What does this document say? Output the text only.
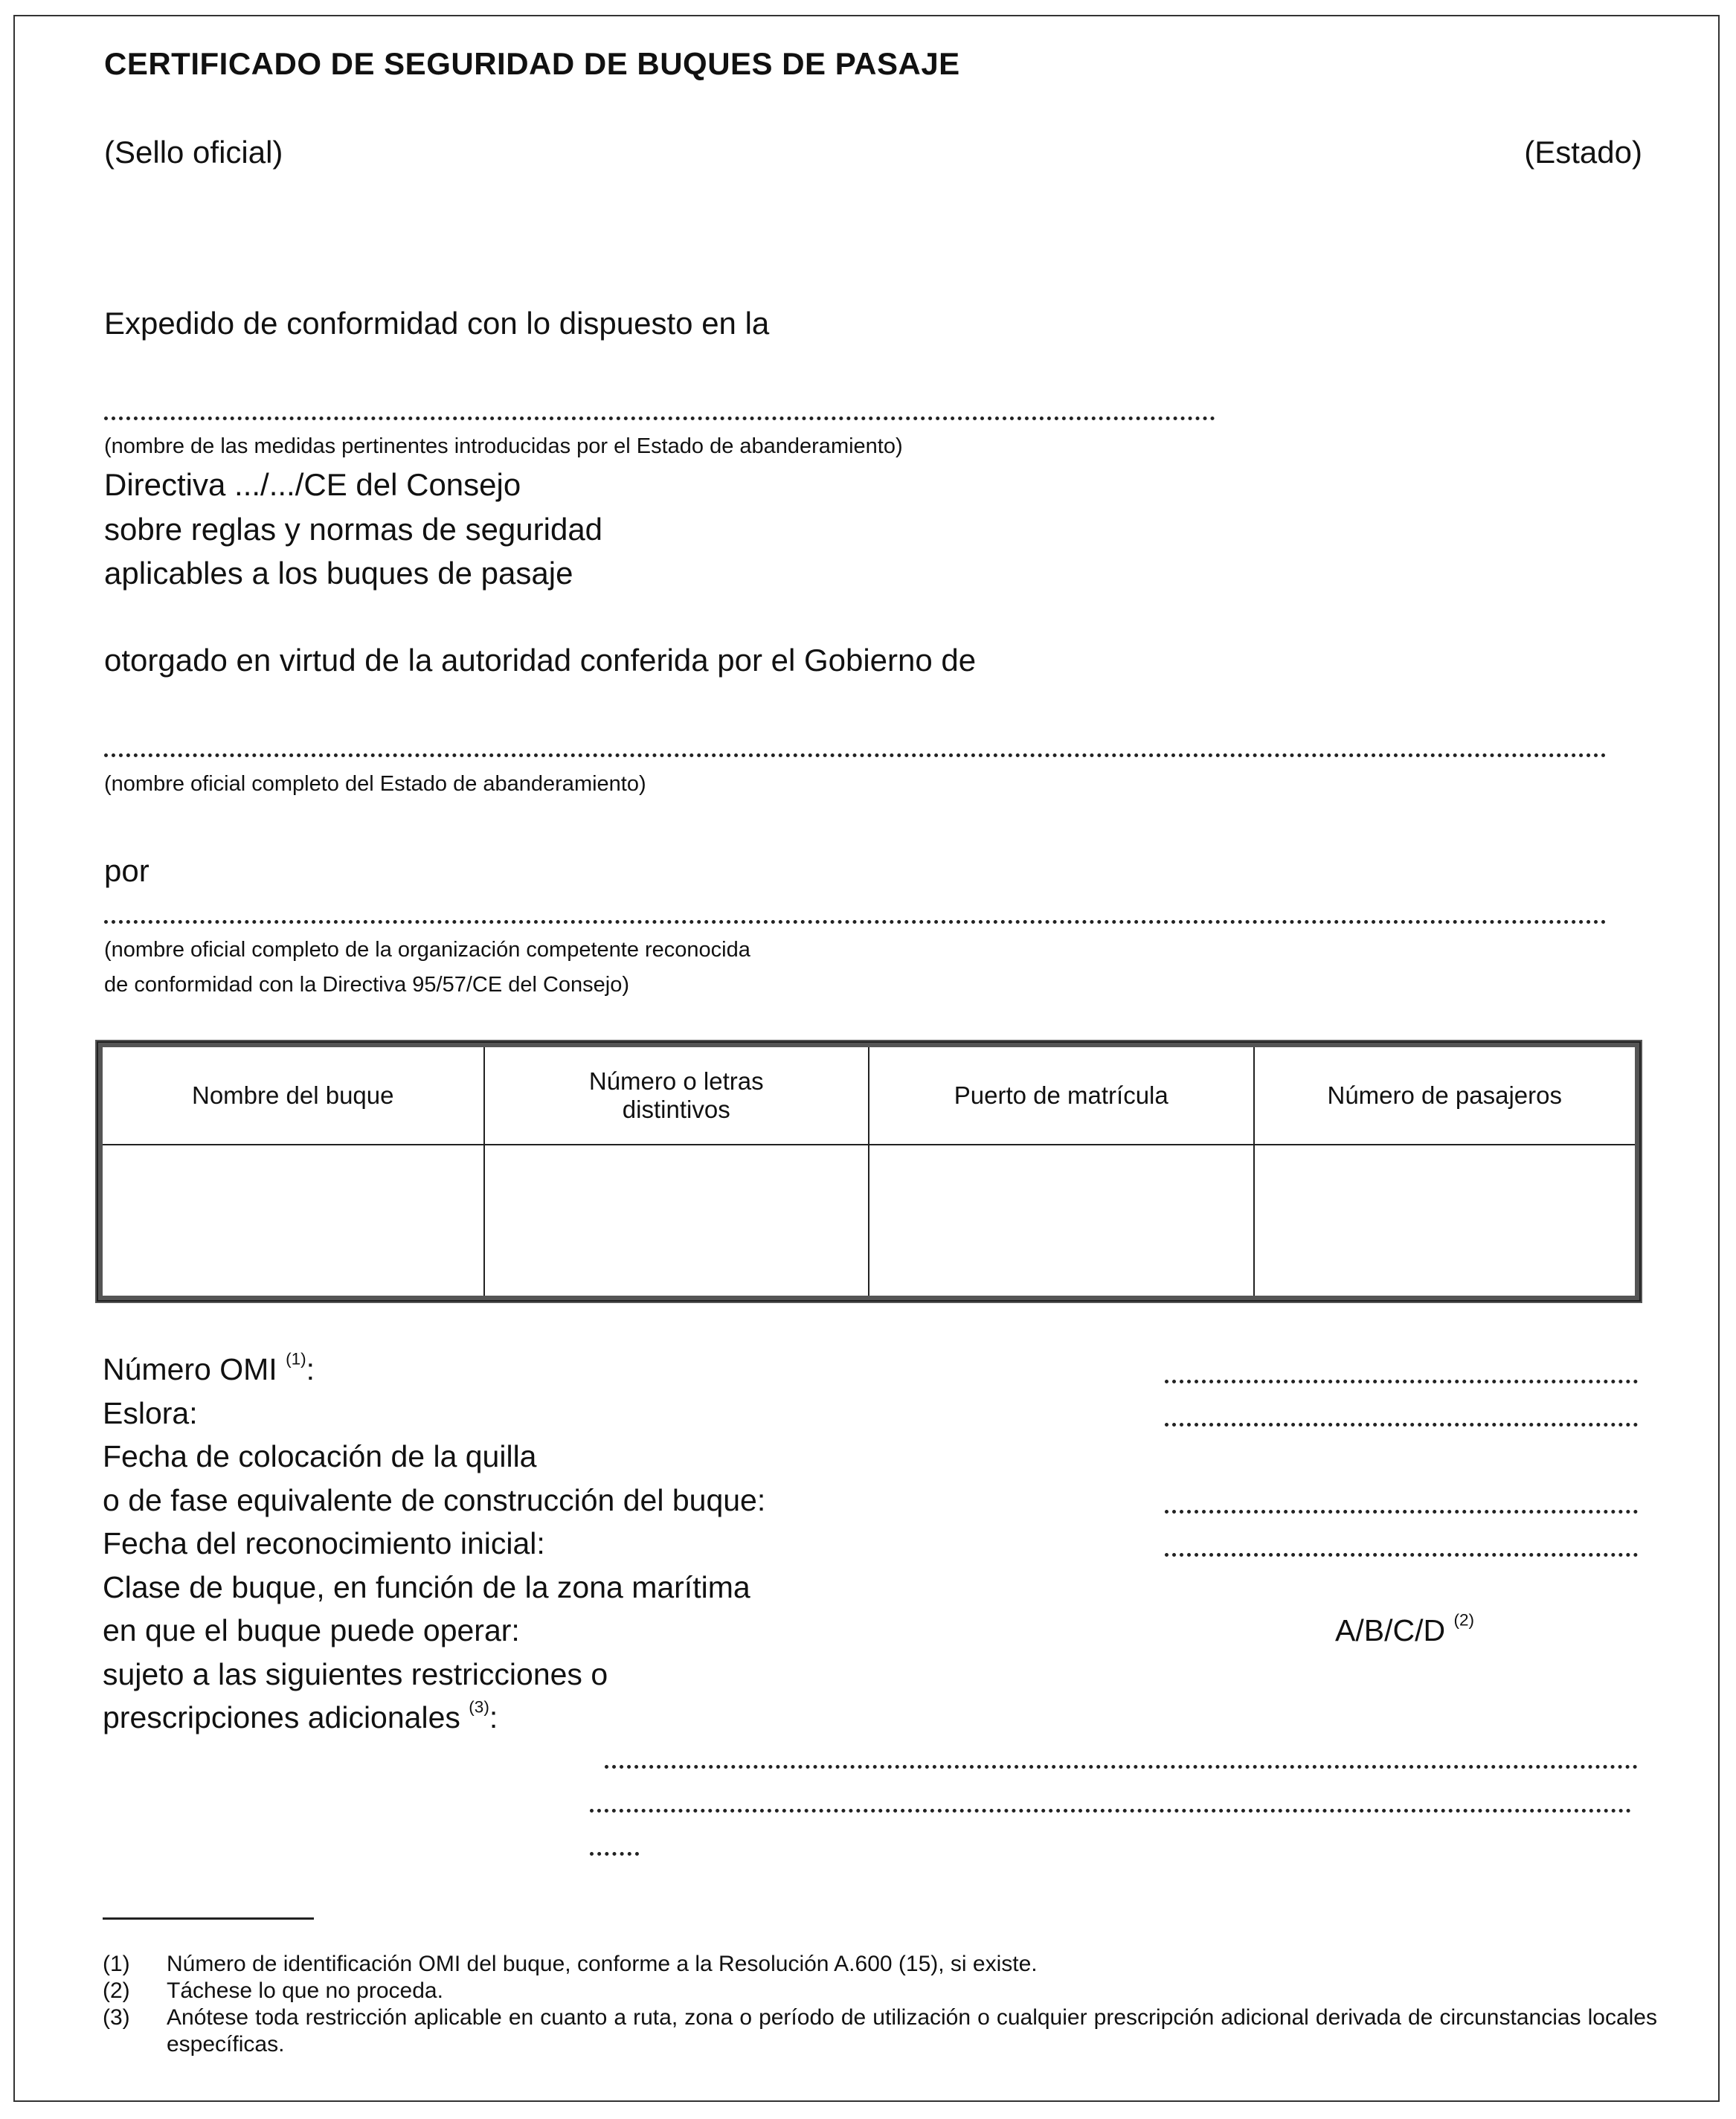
CERTIFICADO DE SEGURIDAD DE BUQUES DE PASAJE
(Sello oficial)	(Estado)
Expedido de conformidad con lo dispuesto en la
(nombre de las medidas pertinentes introducidas por el Estado de abanderamiento)
Directiva .../.../CE del Consejo
sobre reglas y normas de seguridad
aplicables a los buques de pasaje
otorgado en virtud de la autoridad conferida por el Gobierno de
(nombre oficial completo del Estado de abanderamiento)
por
(nombre oficial completo de la organización competente reconocida
de conformidad con la Directiva 95/57/CE del Consejo)
Nombre del buque	Número o letras distintivos	Puerto de matrícula	Número de pasajeros

Número OMI $^{(1)}$:
Eslora:
Fecha de colocación de la quilla
o de fase equivalente de construcción del buque:
Fecha del reconocimiento inicial:
Clase de buque, en función de la zona marítima
en que el buque puede operar:
sujeto a las siguientes restricciones o
prescripciones adicionales $^{(3)}$:
A/B/C/D $^{(2)}$
(1)	Número de identificación OMI del buque, conforme a la Resolución A.600 (15), si existe.
(2)	Táchese lo que no proceda.
(3)	Anótese toda restricción aplicable en cuanto a ruta, zona o período de utilización o cualquier prescripción adicional derivada de circunstancias locales específicas.
